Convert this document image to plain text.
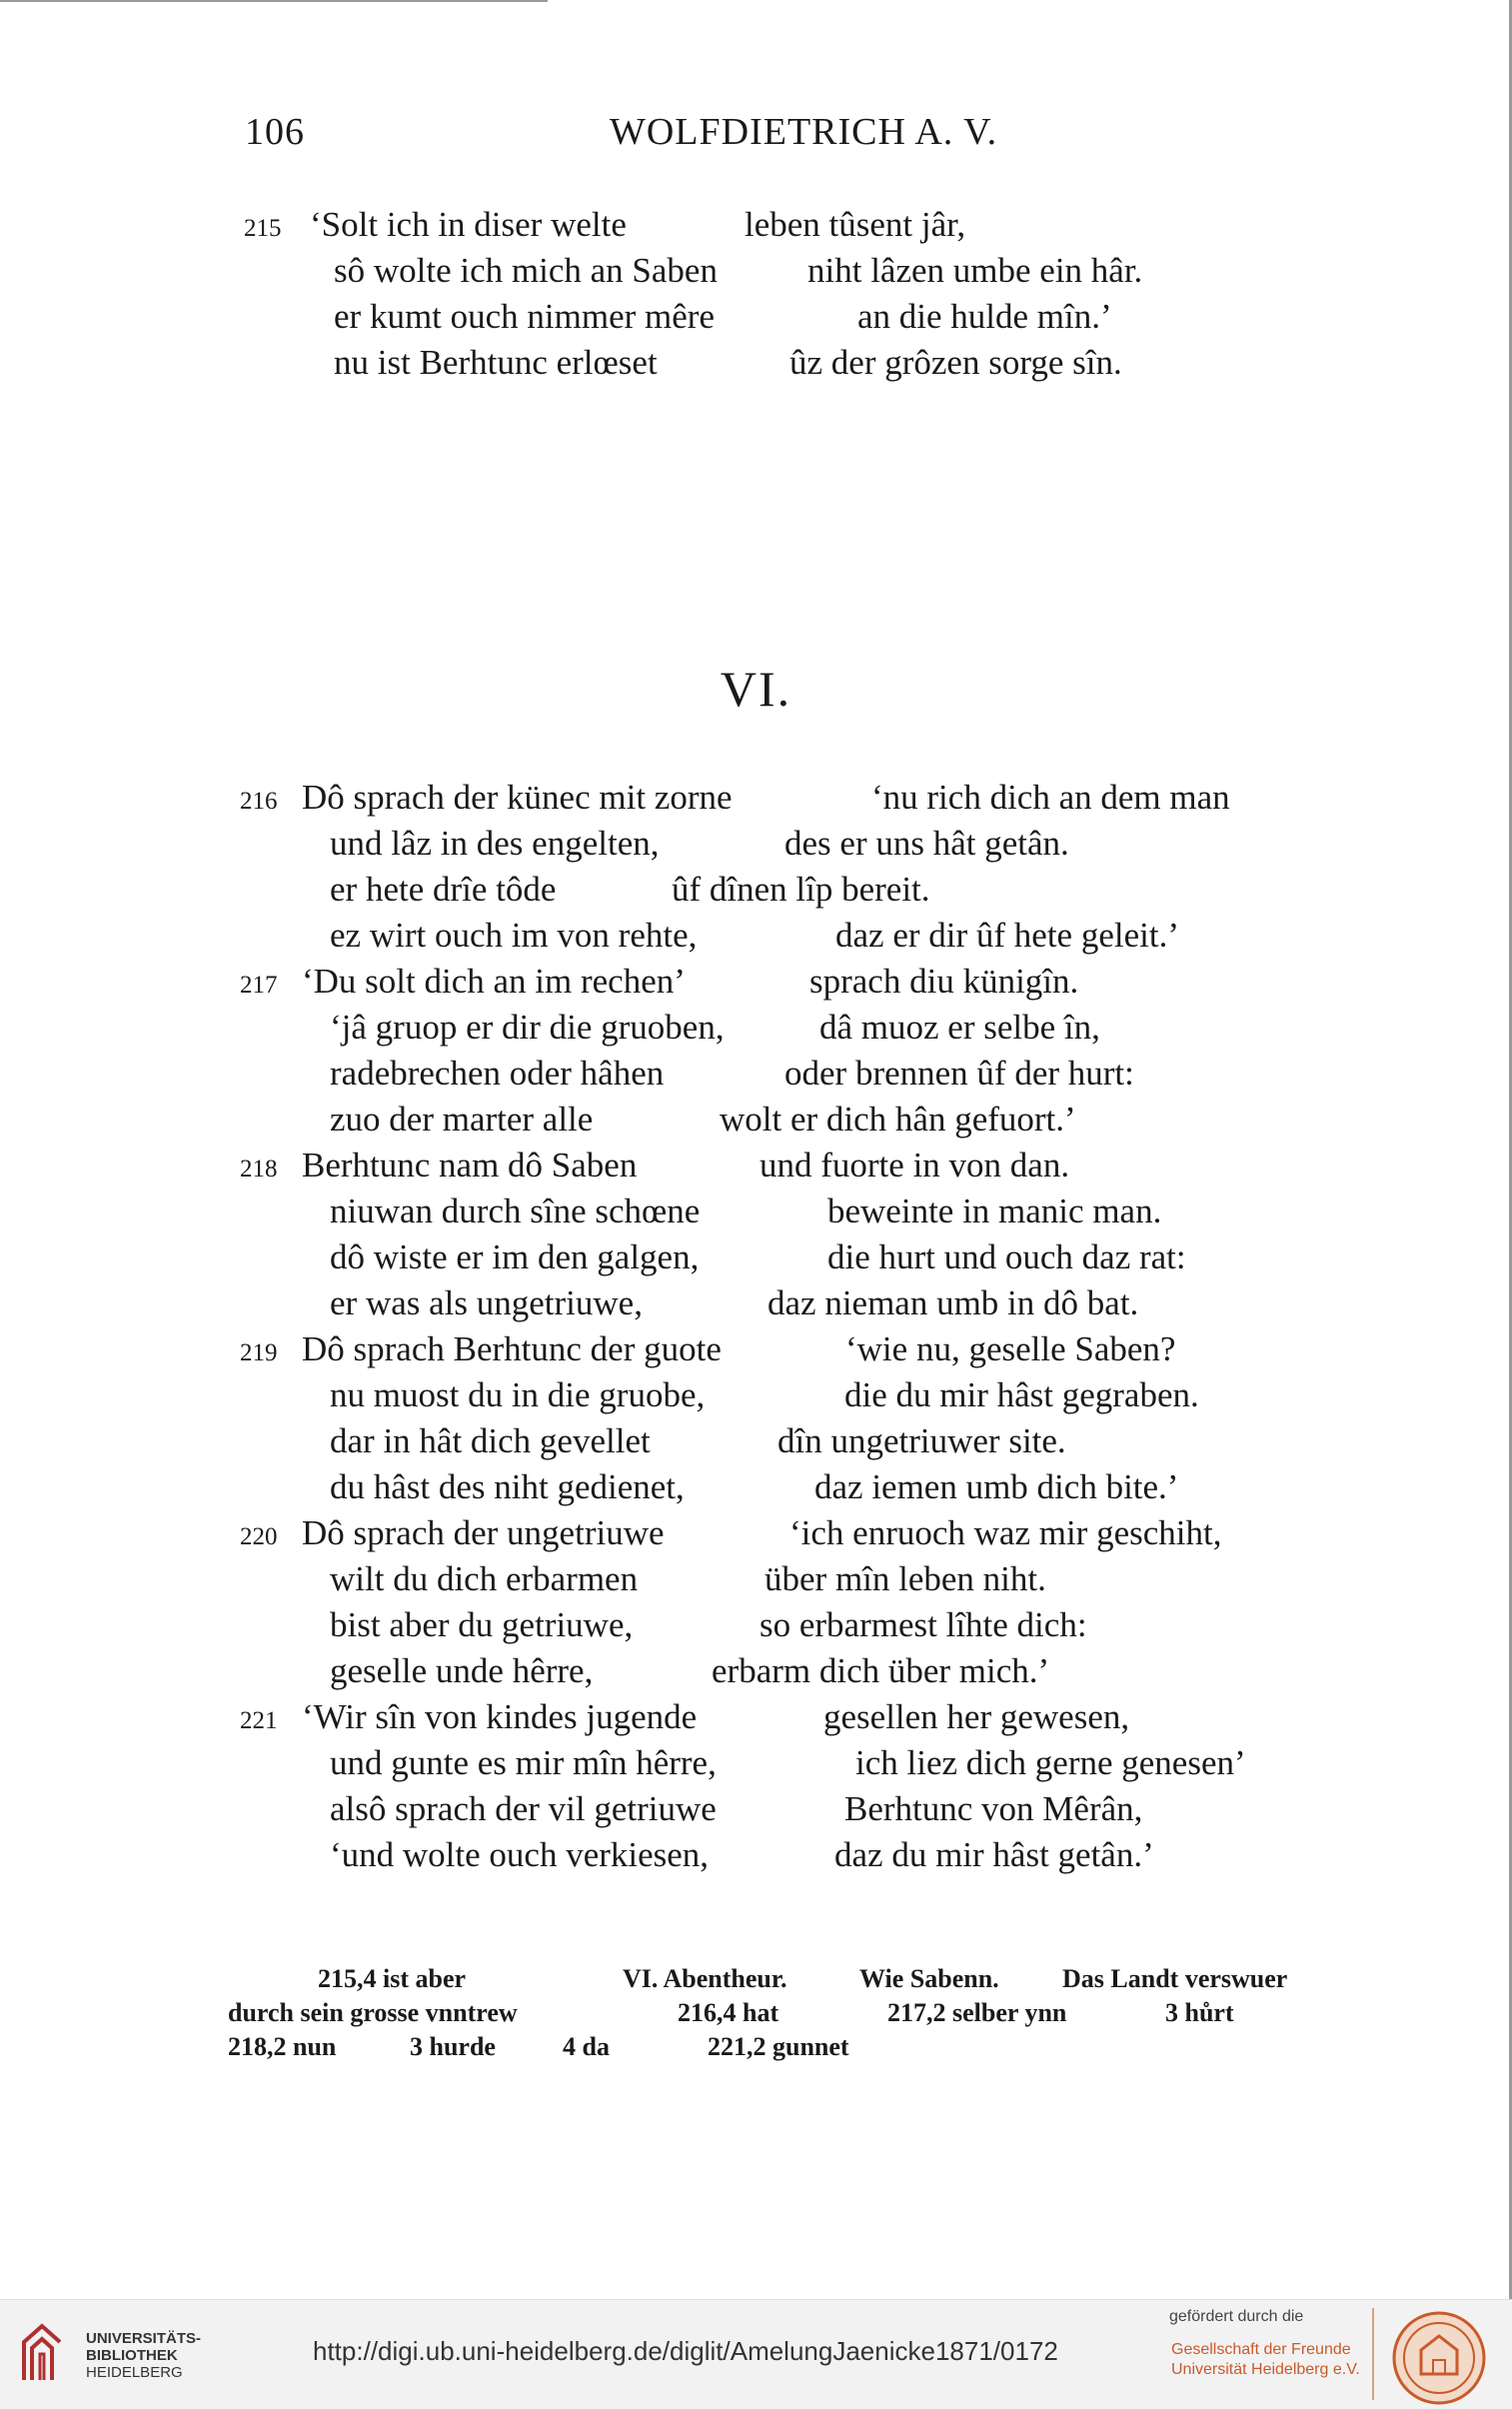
106	WOLFDIETRICH A. V.
215 ‘Solt ich in diser welte	leben tûsent jâr,
sô wolte ich mich an Saben	niht lâzen umbe ein hâr.
er kumt ouch nimmer mêre	an die hulde mîn.’
nu ist Berhtunc erlœset	ûz der grôzen sorge sîn.
VI.
216 Dô sprach der künec mit zorne	‘nu rich dich an dem man
und lâz in des engelten,	des er uns hât getân.
er hete drîe tôde	ûf dînen lîp bereit.
ez wirt ouch im von rehte,	daz er dir ûf hete geleit.’
217 ‘Du solt dich an im rechen’	sprach diu künigîn.
‘jâ gruop er dir die gruoben,	dâ muoz er selbe în,
radebrechen oder hâhen	oder brennen ûf der hurt:
zuo der marter alle	wolt er dich hân gefuort.’
218 Berhtunc nam dô Saben	und fuorte in von dan.
niuwan durch sîne schœne	beweinte in manic man.
dô wiste er im den galgen,	die hurt und ouch daz rat:
er was als ungetriuwe,	daz nieman umb in dô bat.
219 Dô sprach Berhtunc der guote	‘wie nu, geselle Saben?
nu muost du in die gruobe,	die du mir hâst gegraben.
dar in hât dich gevellet	dîn ungetriuwer site.
du hâst des niht gedienet,	daz iemen umb dich bite.’
220 Dô sprach der ungetriuwe	‘ich enruoch waz mir geschiht,
wilt du dich erbarmen	über mîn leben niht.
bist aber du getriuwe,	so erbarmest lîhte dich:
geselle unde hêrre,	erbarm dich über mich.’
221 ‘Wir sîn von kindes jugende	gesellen her gewesen,
und gunte es mir mîn hêrre,	ich liez dich gerne genesen’
alsô sprach der vil getriuwe	Berhtunc von Mêrân,
‘und wolte ouch verkiesen,	daz du mir hâst getân.’
215,4 ist aber	VI. Abentheur.	Wie Sabenn. Das Landt verswuer
durch sein grosse vnntrew	216,4 hat	217,2 selber ynn	3 hůrt
218,2 nun	3 hurde	4 da	221,2 gunnet
UNIVERSITÄTS-
BIBLIOTHEK
HEIDELBERG
http://digi.ub.uni-heidelberg.de/diglit/AmelungJaenicke1871/0172
gefördert durch die
Gesellschaft der Freunde
Universität Heidelberg e.V.
